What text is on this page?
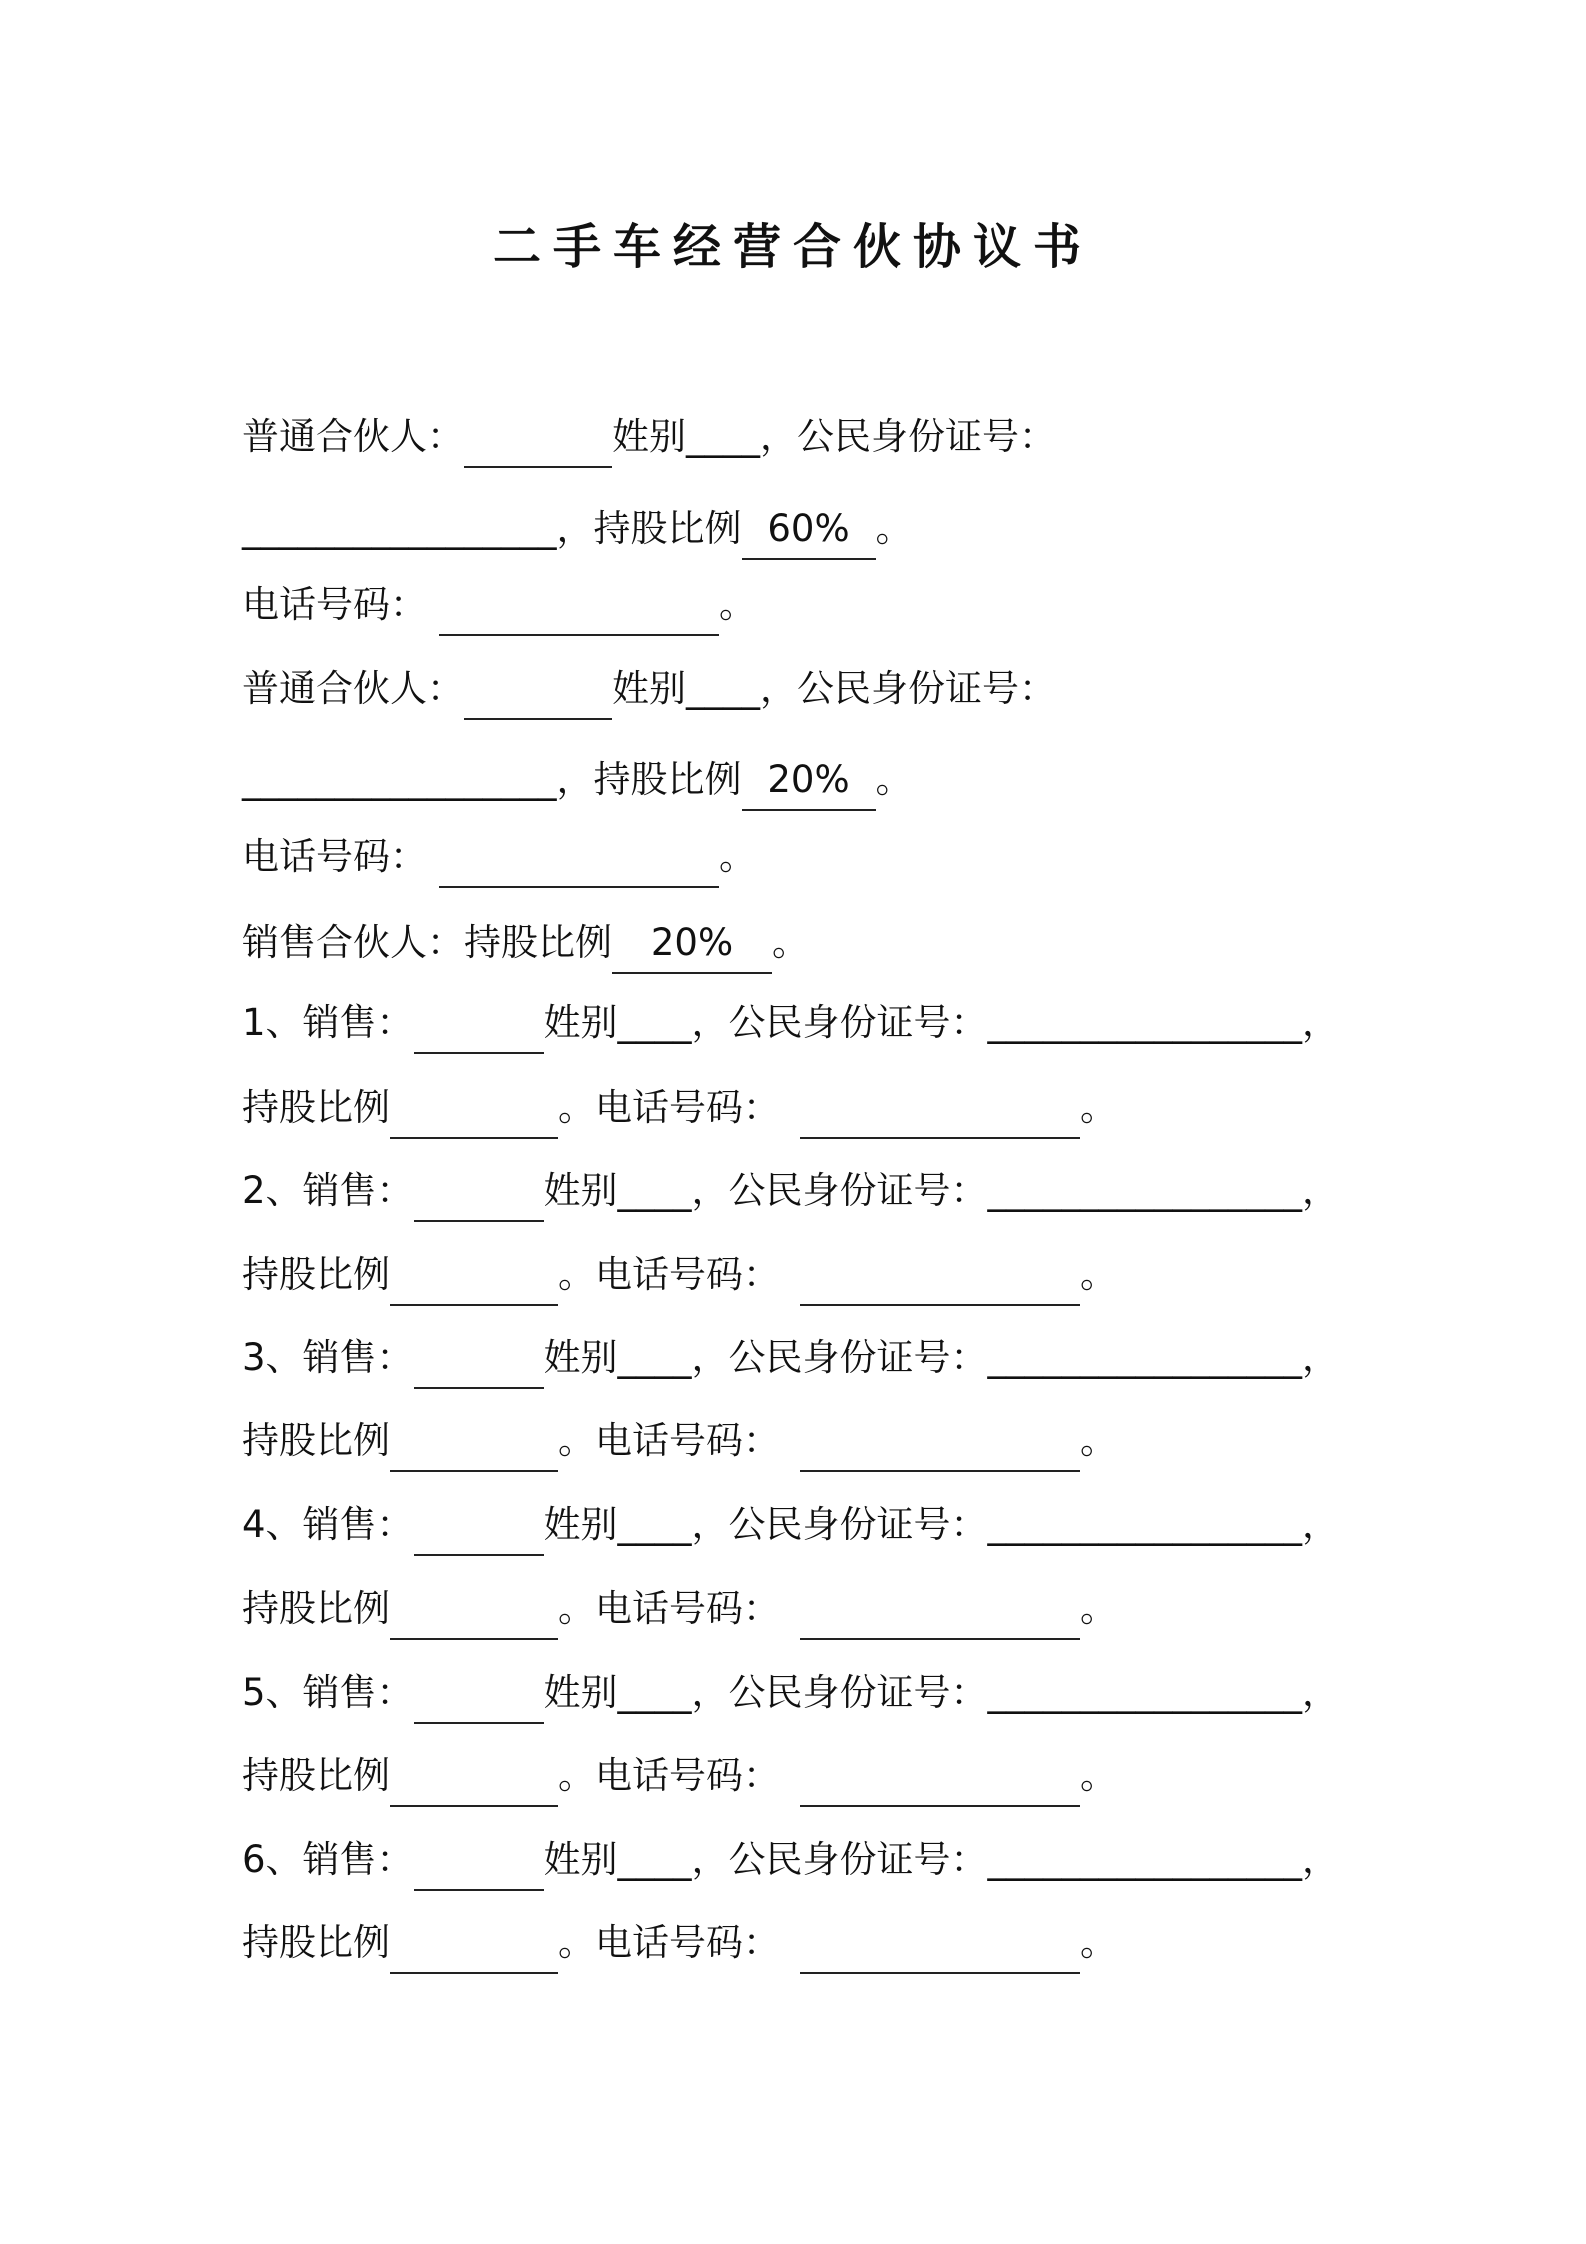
二手车经营合伙协议书
普通合伙人：	姓别____，公民身份证号：
_________________，持股比例 60% 。
电话号码：	。
普通合伙人：	姓别____，公民身份证号：
_________________，持股比例 20% 。
电话号码：	。
销售合伙人：持股比例 20% 。
1、销售：	姓别____，公民身份证号：_________________，
持股比例	。电话号码：	。
2、销售：	姓别____，公民身份证号：_________________，
持股比例	。电话号码：	。
3、销售：	姓别____，公民身份证号：_________________，
持股比例	。电话号码：	。
4、销售：	姓别____，公民身份证号：_________________，
持股比例	。电话号码：	。
5、销售：	姓别____，公民身份证号：_________________，
持股比例	。电话号码：	。
6、销售：	姓别____，公民身份证号：_________________，
持股比例	。电话号码：	。
